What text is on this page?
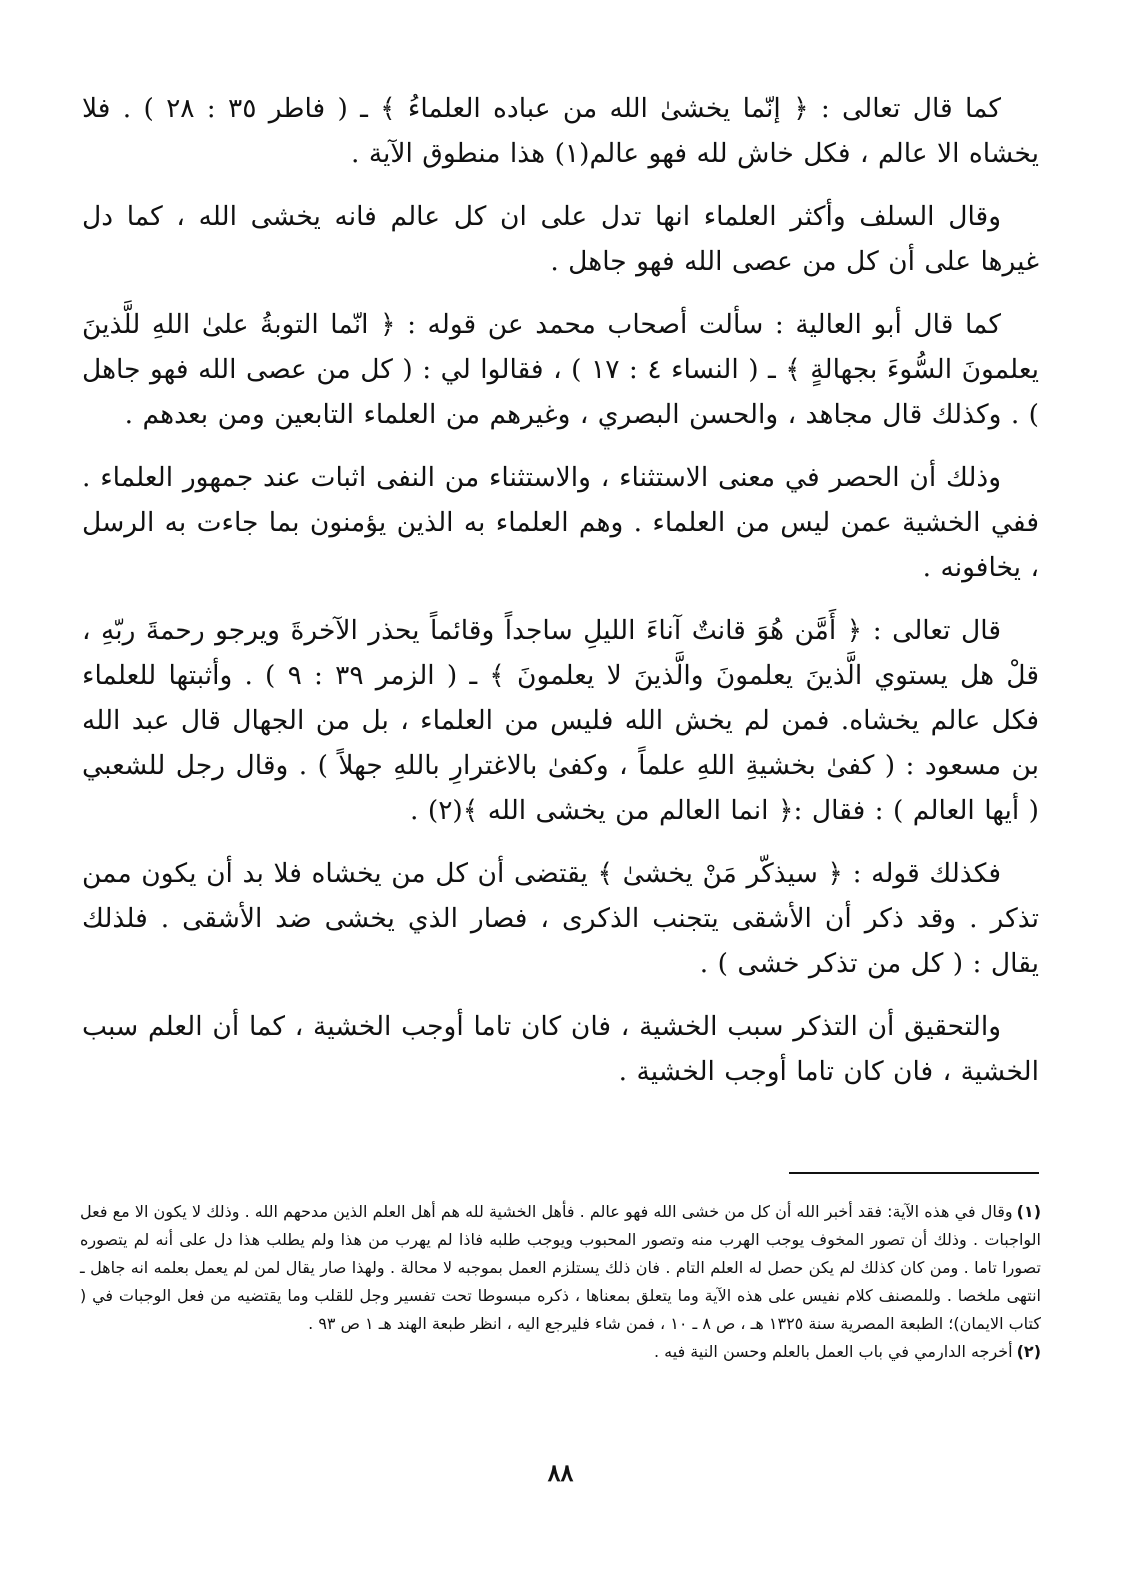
كما قال تعالى : ﴿ إنّما يخشىٰ الله من عباده العلماءُ ﴾ ـ ( فاطر ٣٥ : ٢٨ ) . فلا يخشاه الا عالم ، فكل خاش لله فهو عالم(١) هذا منطوق الآية .

وقال السلف وأكثر العلماء انها تدل على ان كل عالم فانه يخشى الله ، كما دل غيرها على أن كل من عصى الله فهو جاهل .

كما قال أبو العالية : سألت أصحاب محمد عن قوله : ﴿ انّما التوبةُ علىٰ اللهِ للَّذينَ يعلمونَ السُّوءَ بجهالةٍ ﴾ ـ ( النساء ٤ : ١٧ ) ، فقالوا لي : ( كل من عصى الله فهو جاهل ) . وكذلك قال مجاهد ، والحسن البصري ، وغيرهم من العلماء التابعين ومن بعدهم .

وذلك أن الحصر في معنى الاستثناء ، والاستثناء من النفى اثبات عند جمهور العلماء . ففي الخشية عمن ليس من العلماء . وهم العلماء به الذين يؤمنون بما جاءت به الرسل ، يخافونه .

قال تعالى : ﴿ أَمَّن هُوَ قانتٌ آناءَ الليلِ ساجداً وقائماً يحذر الآخرةَ ويرجو رحمةَ ربّهِ ، قلْ هل يستوي الَّذينَ يعلمونَ والَّذينَ لا يعلمونَ ﴾ ـ ( الزمر ٣٩ : ٩ ) . وأثبتها للعلماء فكل عالم يخشاه. فمن لم يخش الله فليس من العلماء ، بل من الجهال قال عبد الله بن مسعود : ( كفىٰ بخشيةِ اللهِ علماً ، وكفىٰ بالاغترارِ باللهِ جهلاً ) . وقال رجل للشعبي ( أيها العالم ) : فقال :﴿ انما العالم من يخشى الله ﴾(٢) .

فكذلك قوله : ﴿ سيذكّر مَنْ يخشىٰ ﴾ يقتضى أن كل من يخشاه فلا بد أن يكون ممن تذكر . وقد ذكر أن الأشقى يتجنب الذكرى ، فصار الذي يخشى ضد الأشقى . فلذلك يقال : ( كل من تذكر خشى ) .

والتحقيق أن التذكر سبب الخشية ، فان كان تاما أوجب الخشية ، كما أن العلم سبب الخشية ، فان كان تاما أوجب الخشية .

(١)وقال في هذه الآية: فقد أخبر الله أن كل من خشى الله فهو عالم . فأهل الخشية لله هم أهل العلم الذين مدحهم الله . وذلك لا يكون الا مع فعل الواجبات . وذلك أن تصور المخوف يوجب الهرب منه وتصور المحبوب ويوجب طلبه فاذا لم يهرب من هذا ولم يطلب هذا دل على أنه لم يتصوره تصورا تاما . ومن كان كذلك لم يكن حصل له العلم التام . فان ذلك يستلزم العمل بموجبه لا محالة . ولهذا صار يقال لمن لم يعمل بعلمه انه جاهل ـ انتهى ملخصا . وللمصنف كلام نفيس على هذه الآية وما يتعلق بمعناها ، ذكره مبسوطا تحت تفسير وجل للقلب وما يقتضيه من فعل الوجبات في ( كتاب الايمان)؛ الطبعة المصرية سنة ١٣٢٥ هـ ، ص ٨ ـ ١٠ ، فمن شاء فليرجع اليه ، انظر طبعة الهند هـ ١ ص ٩٣ .

(٢)أخرجه الدارمي في باب العمل بالعلم وحسن النية فيه .

٨٨
